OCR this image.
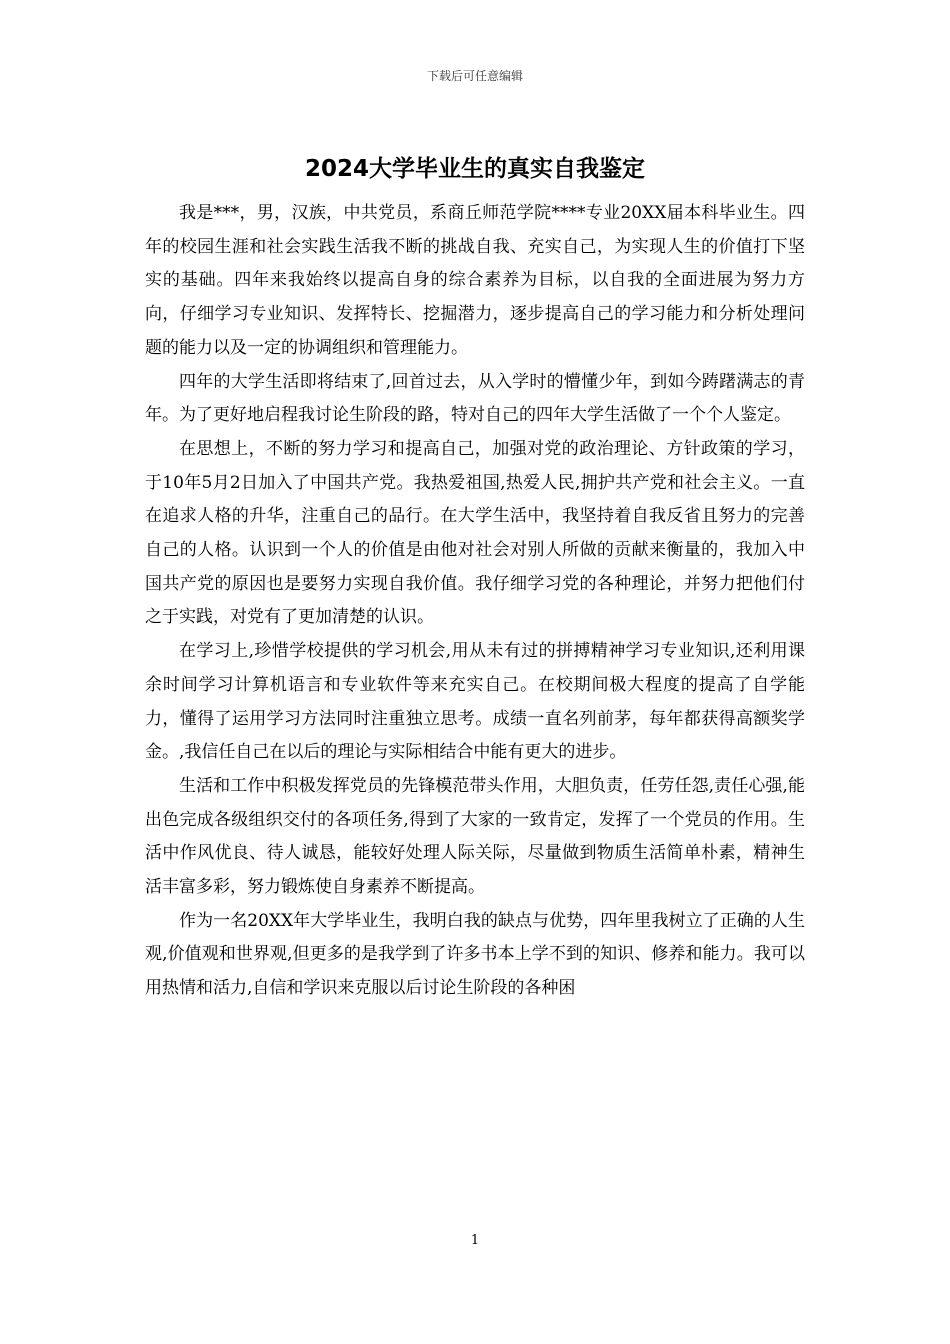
下载后可任意编辑
2024大学毕业生的真实自我鉴定

我是***，男，汉族，中共党员，系商丘师范学院****专业20XX届本科毕业生。四年的校园生涯和社会实践生活我不断的挑战自我、充实自己，为实现人生的价值打下坚实的基础。四年来我始终以提高自身的综合素养为目标，以自我的全面进展为努力方向，仔细学习专业知识、发挥特长、挖掘潜力，逐步提高自己的学习能力和分析处理问题的能力以及一定的协调组织和管理能力。

四年的大学生活即将结束了,回首过去，从入学时的懵懂少年，到如今踌躇满志的青年。为了更好地启程我讨论生阶段的路，特对自己的四年大学生活做了一个个人鉴定。

在思想上，不断的努力学习和提高自己，加强对党的政治理论、方针政策的学习，于10年5月2日加入了中国共产党。我热爱祖国,热爱人民,拥护共产党和社会主义。一直在追求人格的升华，注重自己的品行。在大学生活中，我坚持着自我反省且努力的完善自己的人格。认识到一个人的价值是由他对社会对别人所做的贡献来衡量的，我加入中国共产党的原因也是要努力实现自我价值。我仔细学习党的各种理论，并努力把他们付之于实践，对党有了更加清楚的认识。

在学习上,珍惜学校提供的学习机会,用从未有过的拼搏精神学习专业知识,还利用课余时间学习计算机语言和专业软件等来充实自己。在校期间极大程度的提高了自学能力，懂得了运用学习方法同时注重独立思考。成绩一直名列前茅，每年都获得高额奖学金。,我信任自己在以后的理论与实际相结合中能有更大的进步。

生活和工作中积极发挥党员的先锋模范带头作用，大胆负责，任劳任怨,责任心强,能出色完成各级组织交付的各项任务,得到了大家的一致肯定，发挥了一个党员的作用。生活中作风优良、待人诚恳，能较好处理人际关际，尽量做到物质生活简单朴素，精神生活丰富多彩，努力锻炼使自身素养不断提高。

作为一名20XX年大学毕业生，我明白我的缺点与优势，四年里我树立了正确的人生观,价值观和世界观,但更多的是我学到了许多书本上学不到的知识、修养和能力。我可以用热情和活力,自信和学识来克服以后讨论生阶段的各种困

1
